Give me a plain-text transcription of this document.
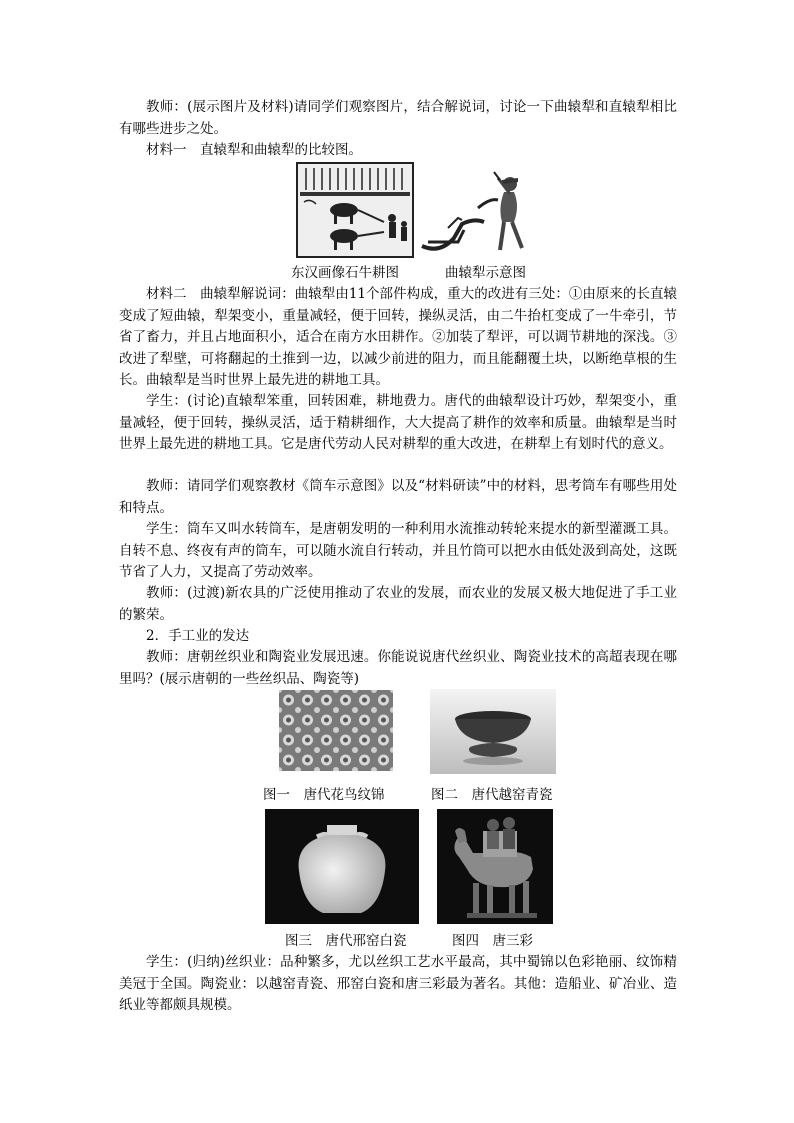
教师：(展示图片及材料)请同学们观察图片，结合解说词，讨论一下曲辕犁和直辕犁相比有哪些进步之处。

材料一　直辕犁和曲辕犁的比较图。

东汉画像石牛耕图	曲辕犁示意图

材料二　曲辕犁解说词：曲辕犁由11个部件构成，重大的改进有三处：①由原来的长直辕变成了短曲辕，犁架变小，重量减轻，便于回转，操纵灵活，由二牛抬杠变成了一牛牵引，节省了畜力，并且占地面积小，适合在南方水田耕作。②加装了犁评，可以调节耕地的深浅。③改进了犁壁，可将翻起的土推到一边，以减少前进的阻力，而且能翻覆土块，以断绝草根的生长。曲辕犁是当时世界上最先进的耕地工具。

学生：(讨论)直辕犁笨重，回转困难，耕地费力。唐代的曲辕犁设计巧妙，犁架变小，重量减轻，便于回转，操纵灵活，适于精耕细作，大大提高了耕作的效率和质量。曲辕犁是当时世界上最先进的耕地工具。它是唐代劳动人民对耕犁的重大改进，在耕犁上有划时代的意义。

教师：请同学们观察教材《筒车示意图》以及“材料研读”中的材料，思考筒车有哪些用处和特点。

学生：筒车又叫水转筒车，是唐朝发明的一种利用水流推动转轮来提水的新型灌溉工具。自转不息、终夜有声的筒车，可以随水流自行转动，并且竹筒可以把水由低处汲到高处，这既节省了人力，又提高了劳动效率。

教师：(过渡)新农具的广泛使用推动了农业的发展，而农业的发展又极大地促进了手工业的繁荣。

2．手工业的发达

教师：唐朝丝织业和陶瓷业发展迅速。你能说说唐代丝织业、陶瓷业技术的高超表现在哪里吗？(展示唐朝的一些丝织品、陶瓷等)

图一　唐代花鸟纹锦	图二　唐代越窑青瓷
图三　唐代邢窑白瓷	图四　唐三彩

学生：(归纳)丝织业：品种繁多，尤以丝织工艺水平最高，其中蜀锦以色彩艳丽、纹饰精美冠于全国。陶瓷业：以越窑青瓷、邢窑白瓷和唐三彩最为著名。其他：造船业、矿冶业、造纸业等都颇具规模。
